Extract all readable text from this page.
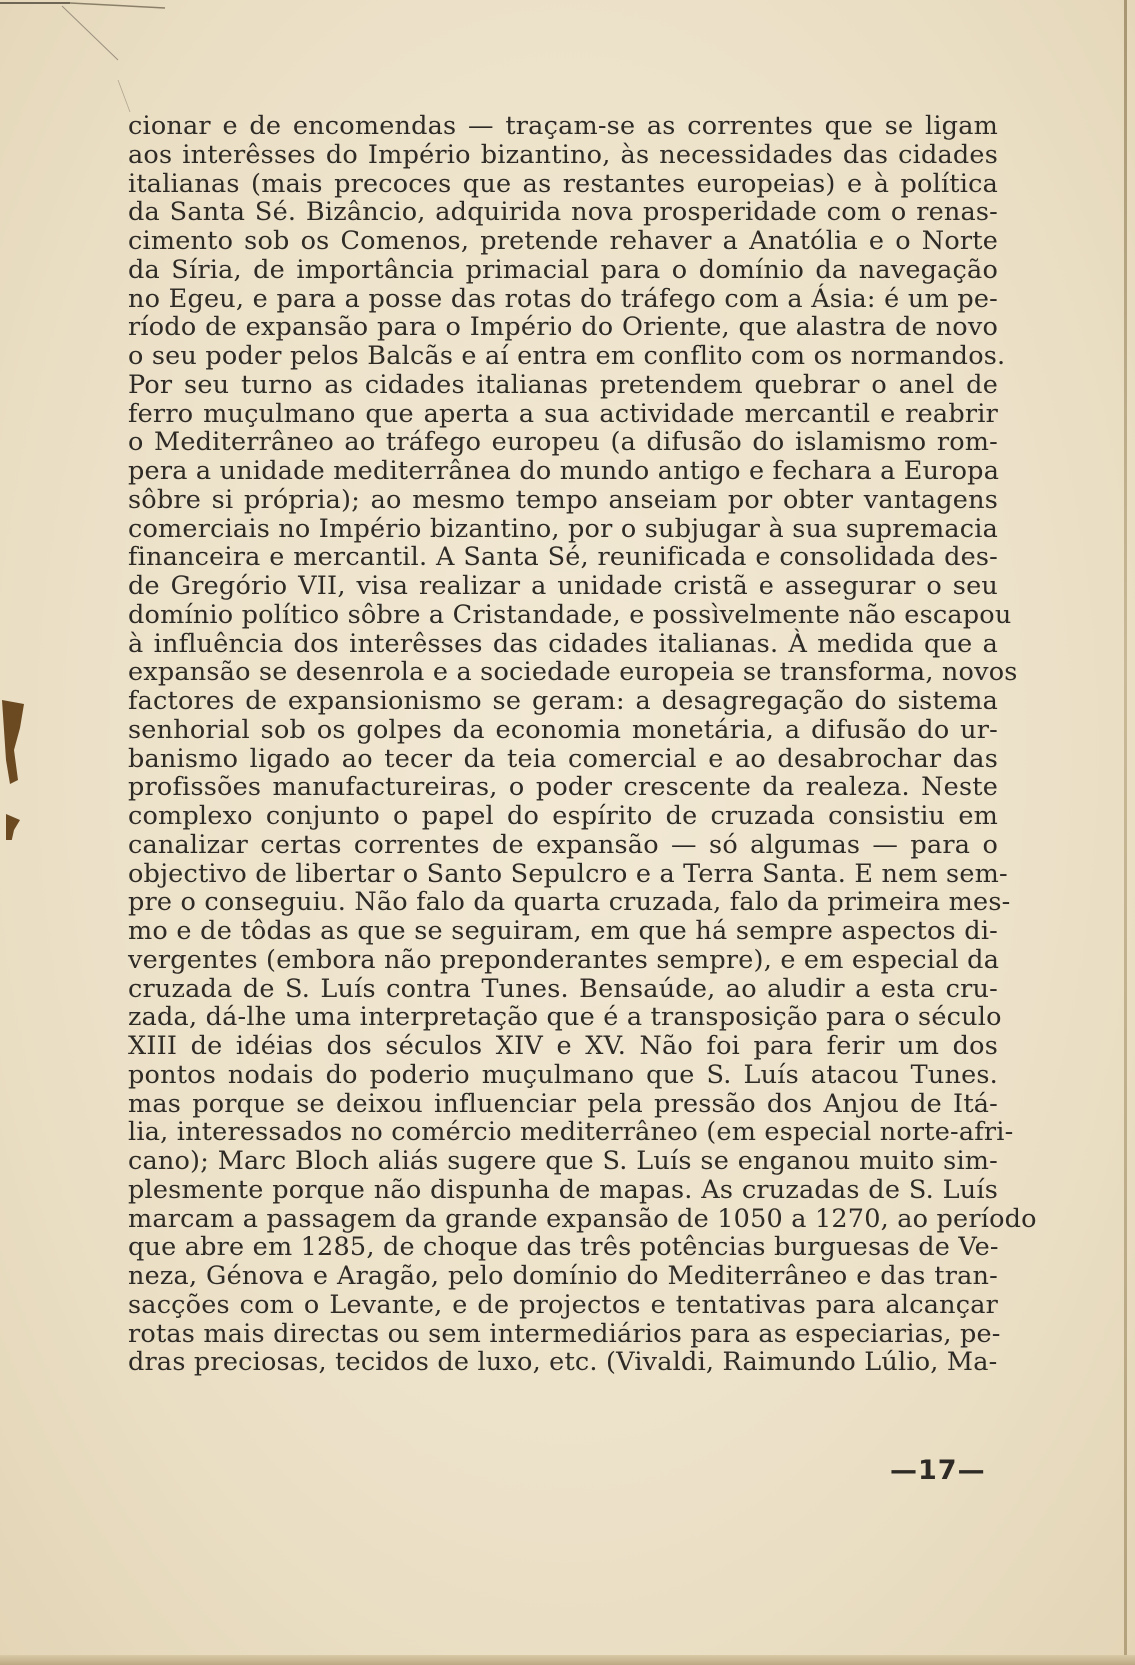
cionar e de encomendas — traçam-se as correntes que se ligam
aos interêsses do Império bizantino, às necessidades das cidades
italianas (mais precoces que as restantes europeias) e à política
da Santa Sé. Bizâncio, adquirida nova prosperidade com o renas-
cimento sob os Comenos, pretende rehaver a Anatólia e o Norte
da Síria, de importância primacial para o domínio da navegação
no Egeu, e para a posse das rotas do tráfego com a Ásia: é um pe-
ríodo de expansão para o Império do Oriente, que alastra de novo
o seu poder pelos Balcãs e aí entra em conflito com os normandos.
Por seu turno as cidades italianas pretendem quebrar o anel de
ferro muçulmano que aperta a sua actividade mercantil e reabrir
o Mediterrâneo ao tráfego europeu (a difusão do islamismo rom-
pera a unidade mediterrânea do mundo antigo e fechara a Europa
sôbre si própria); ao mesmo tempo anseiam por obter vantagens
comerciais no Império bizantino, por o subjugar à sua supremacia
financeira e mercantil. A Santa Sé, reunificada e consolidada des-
de Gregório VII, visa realizar a unidade cristã e assegurar o seu
domínio político sôbre a Cristandade, e possìvelmente não escapou
à influência dos interêsses das cidades italianas. À medida que a
expansão se desenrola e a sociedade europeia se transforma, novos
factores de expansionismo se geram: a desagregação do sistema
senhorial sob os golpes da economia monetária, a difusão do ur-
banismo ligado ao tecer da teia comercial e ao desabrochar das
profissões manufactureiras, o poder crescente da realeza. Neste
complexo conjunto o papel do espírito de cruzada consistiu em
canalizar certas correntes de expansão — só algumas — para o
objectivo de libertar o Santo Sepulcro e a Terra Santa. E nem sem-
pre o conseguiu. Não falo da quarta cruzada, falo da primeira mes-
mo e de tôdas as que se seguiram, em que há sempre aspectos di-
vergentes (embora não preponderantes sempre), e em especial da
cruzada de S. Luís contra Tunes. Bensaúde, ao aludir a esta cru-
zada, dá-lhe uma interpretação que é a transposição para o século
XIII de idéias dos séculos XIV e XV. Não foi para ferir um dos
pontos nodais do poderio muçulmano que S. Luís atacou Tunes.
mas porque se deixou influenciar pela pressão dos Anjou de Itá-
lia, interessados no comércio mediterrâneo (em especial norte-afri-
cano); Marc Bloch aliás sugere que S. Luís se enganou muito sim-
plesmente porque não dispunha de mapas. As cruzadas de S. Luís
marcam a passagem da grande expansão de 1050 a 1270, ao período
que abre em 1285, de choque das três potências burguesas de Ve-
neza, Génova e Aragão, pelo domínio do Mediterrâneo e das tran-
sacções com o Levante, e de projectos e tentativas para alcançar
rotas mais directas ou sem intermediários para as especiarias, pe-
dras preciosas, tecidos de luxo, etc. (Vivaldi, Raimundo Lúlio, Ma-
—17—
